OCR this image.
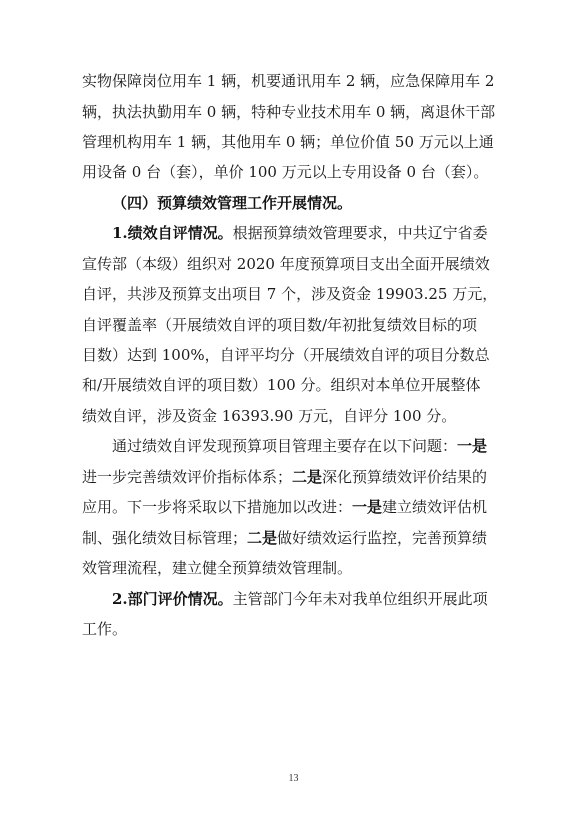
实物保障岗位用车 1 辆，机要通讯用车 2 辆，应急保障用车 2
辆，执法执勤用车 0 辆，特种专业技术用车 0 辆，离退休干部
管理机构用车 1 辆，其他用车 0 辆；单位价值 50 万元以上通
用设备 0 台（套），单价 100 万元以上专用设备 0 台（套）。
（四）预算绩效管理工作开展情况。
1.绩效自评情况。根据预算绩效管理要求，中共辽宁省委
宣传部（本级）组织对 2020 年度预算项目支出全面开展绩效
自评，共涉及预算支出项目 7 个，涉及资金 19903.25 万元，
自评覆盖率（开展绩效自评的项目数/年初批复绩效目标的项
目数）达到 100%，自评平均分（开展绩效自评的项目分数总
和/开展绩效自评的项目数）100 分。组织对本单位开展整体
绩效自评，涉及资金 16393.90 万元，自评分 100 分。
通过绩效自评发现预算项目管理主要存在以下问题：一是
进一步完善绩效评价指标体系；二是深化预算绩效评价结果的
应用。下一步将采取以下措施加以改进：一是建立绩效评估机
制、强化绩效目标管理；二是做好绩效运行监控，完善预算绩
效管理流程，建立健全预算绩效管理制。
2.部门评价情况。主管部门今年未对我单位组织开展此项
工作。
13
